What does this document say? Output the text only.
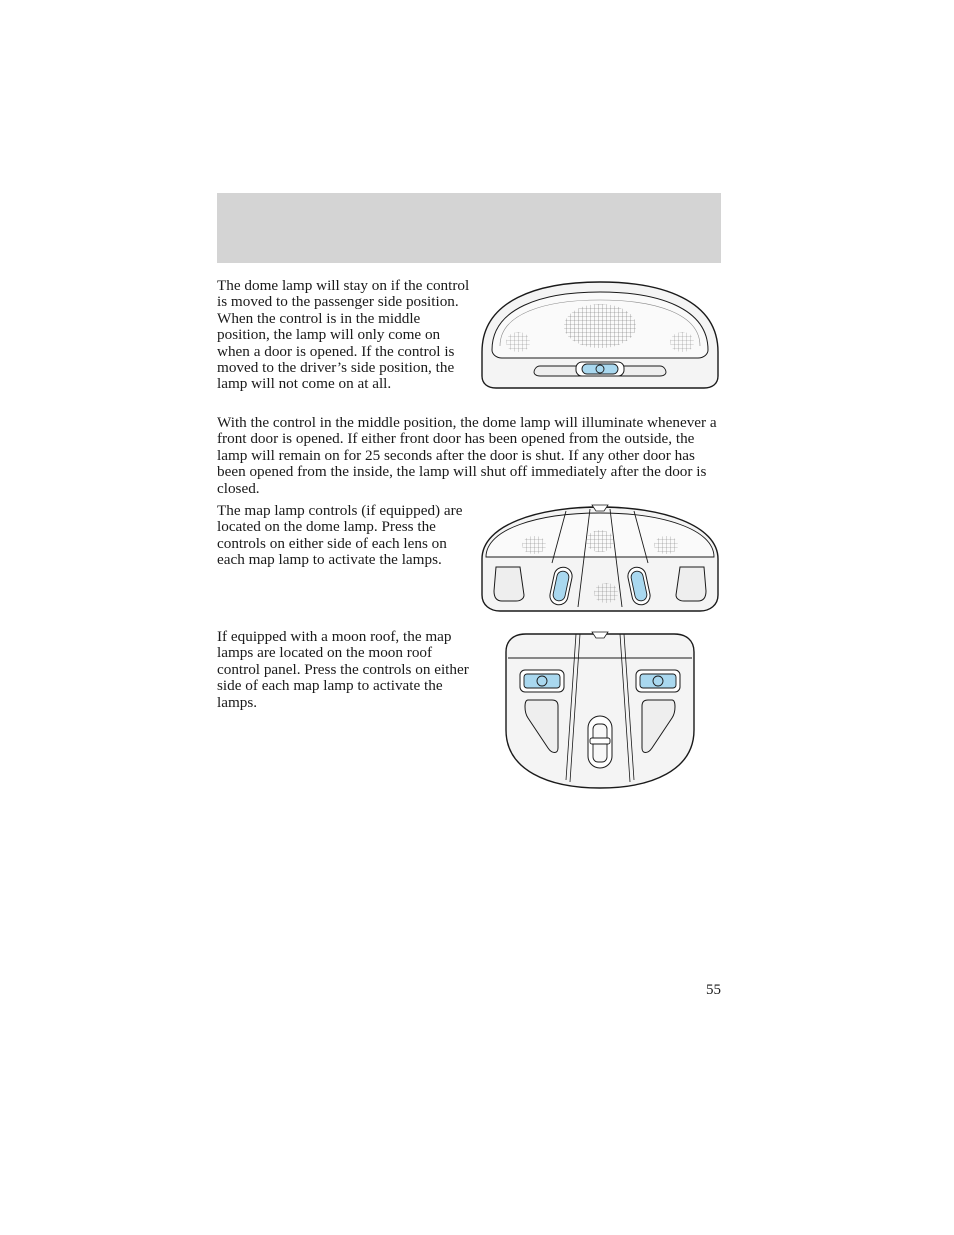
The dome lamp will stay on if the control is moved to the passenger side position. When the control is in the middle position, the lamp will only come on when a door is opened. If the control is moved to the driver’s side position, the lamp will not come on at all.

With the control in the middle position, the dome lamp will illuminate whenever a front door is opened. If either front door has been opened from the outside, the lamp will remain on for 25 seconds after the door is shut. If any other door has been opened from the inside, the lamp will shut off immediately after the door is closed.

The map lamp controls (if equipped) are located on the dome lamp. Press the controls on either side of each lens on each map lamp to activate the lamps.

If equipped with a moon roof, the map lamps are located on the moon roof control panel. Press the controls on either side of each map lamp to activate the lamps.

55
